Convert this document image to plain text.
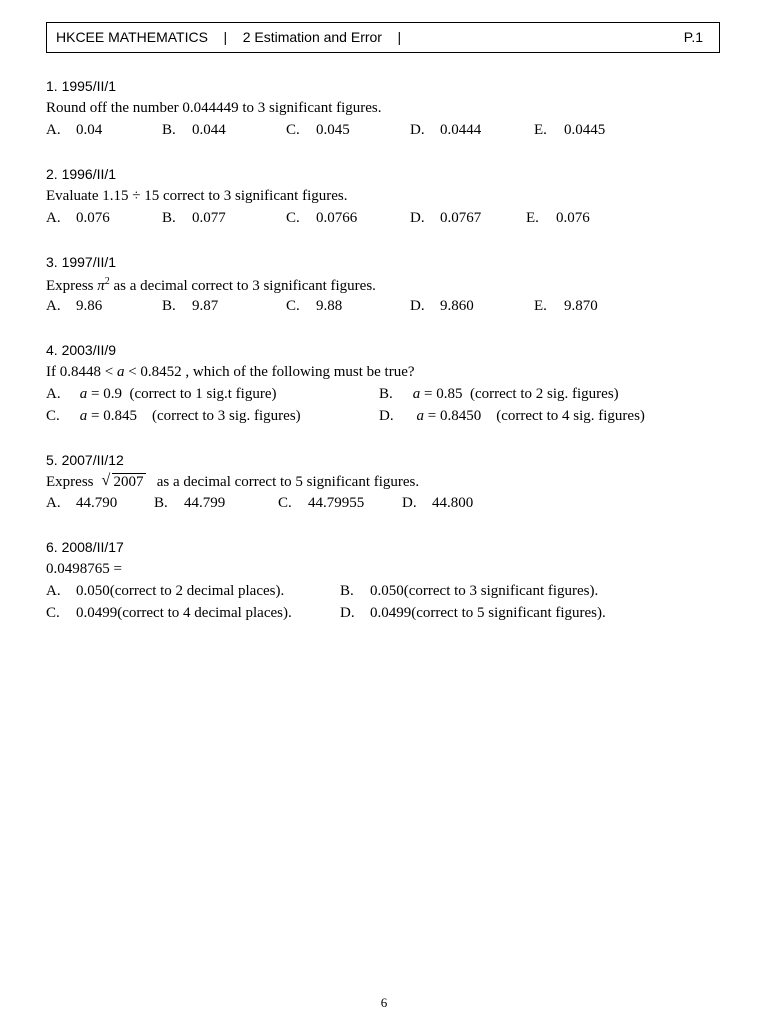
HKCEE MATHEMATICS    |    2 Estimation and Error    |	P.1
1. 1995/II/1
Round off the number 0.044449 to 3 significant figures.
A. 0.04	B. 0.044	C. 0.045	D. 0.0444	E. 0.0445
2. 1996/II/1
Evaluate 1.15 ÷ 15 correct to 3 significant figures.
A. 0.076	B. 0.077	C. 0.0766	D. 0.0767	E. 0.076
3. 1997/II/1
Express $\pi^2$ as a decimal correct to 3 significant figures.
A. 9.86	B. 9.87	C. 9.88	D. 9.860	E. 9.870
4. 2003/II/9
If 0.8448 < a < 0.8452 , which of the following must be true?
A. a = 0.9 (correct to 1 sig.t figure)	B. a = 0.85 (correct to 2 sig. figures)
C. a = 0.845 (correct to 3 sig. figures)	D. a = 0.8450 (correct to 4 sig. figures)
5. 2007/II/12
Express √ 2007 as a decimal correct to 5 significant figures.
A. 44.790 B. 44.799	C. 44.79955	D. 44.800
6. 2008/II/17
0.0498765 =
A. 0.050(correct to 2 decimal places).	B. 0.050(correct to 3 significant figures).
C. 0.0499(correct to 4 decimal places).	D. 0.0499(correct to 5 significant figures).
6
